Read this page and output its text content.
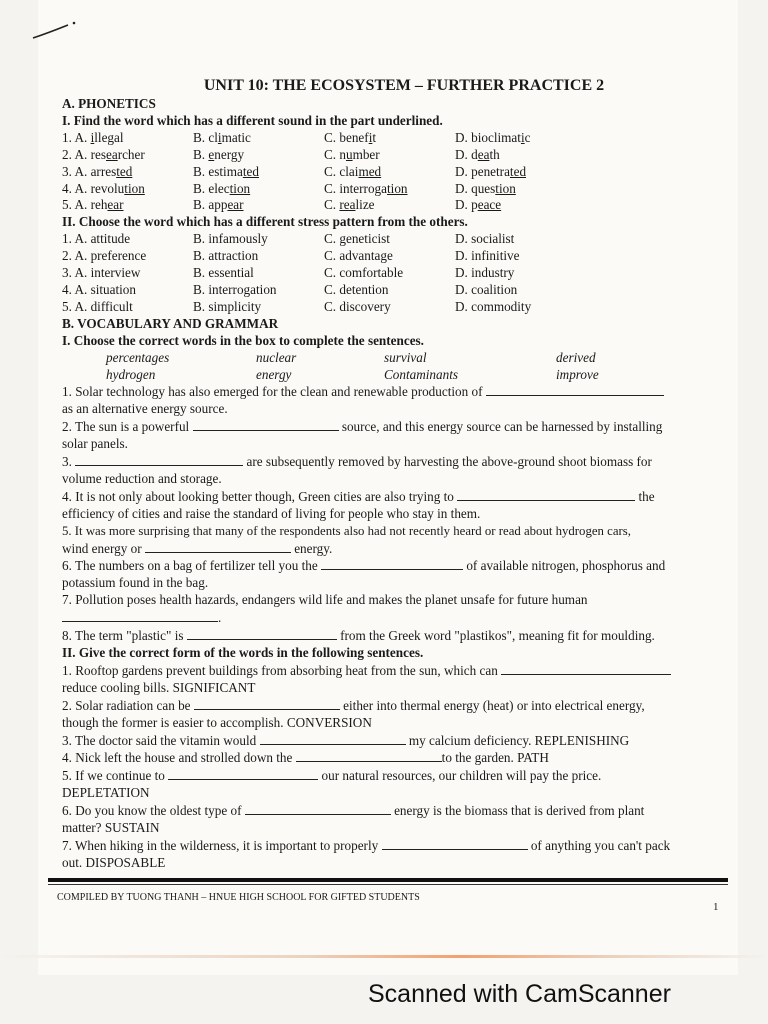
UNIT 10: THE ECOSYSTEM – FURTHER PRACTICE 2
A. PHONETICS
I. Find the word which has a different sound in the part underlined.
1. A. illegal	B. climatic	C. benefit	D. bioclimatic
2. A. researcher	B. energy	C. number	D. death
3. A. arrested	B. estimated	C. claimed	D. penetrated
4. A. revolution	B. election	C. interrogation	D. question
5. A. rehear	B. appear	C. realize	D. peace
II. Choose the word which has a different stress pattern from the others.
1. A. attitude	B. infamously	C. geneticist	D. socialist
2. A. preference	B. attraction	C. advantage	D. infinitive
3. A. interview	B. essential	C. comfortable	D. industry
4. A. situation	B. interrogation	C. detention	D. coalition
5. A. difficult	B. simplicity	C. discovery	D. commodity
B. VOCABULARY AND GRAMMAR
I. Choose the correct words in the box to complete the sentences.
percentages	nuclear	survival	derived
hydrogen	energy	Contaminants	improve
1. Solar technology has also emerged for the clean and renewable production of
as an alternative energy source.
2. The sun is a powerful	source, and this energy source can be harnessed by installing
solar panels.
3.	are subsequently removed by harvesting the above-ground shoot biomass for
volume reduction and storage.
4. It is not only about looking better though, Green cities are also trying to	the
efficiency of cities and raise the standard of living for people who stay in them.
5. It was more surprising that many of the respondents also had not recently heard or read about hydrogen cars,
wind energy or	energy.
6. The numbers on a bag of fertilizer tell you the	of available nitrogen, phosphorus and
potassium found in the bag.
7. Pollution poses health hazards, endangers wild life and makes the planet unsafe for future human
.
8. The term "plastic" is	from the Greek word "plastikos", meaning fit for moulding.
II. Give the correct form of the words in the following sentences.
1. Rooftop gardens prevent buildings from absorbing heat from the sun, which can
reduce cooling bills. SIGNIFICANT
2. Solar radiation can be	either into thermal energy (heat) or into electrical energy,
though the former is easier to accomplish. CONVERSION
3. The doctor said the vitamin would	my calcium deficiency. REPLENISHING
4. Nick left the house and strolled down the	to the garden. PATH
5. If we continue to	our natural resources, our children will pay the price.
DEPLETATION
6. Do you know the oldest type of	energy is the biomass that is derived from plant
matter? SUSTAIN
7. When hiking in the wilderness, it is important to properly	of anything you can't pack
out. DISPOSABLE
COMPILED BY TUONG THANH – HNUE HIGH SCHOOL FOR GIFTED STUDENTS
1
Scanned with CamScanner
